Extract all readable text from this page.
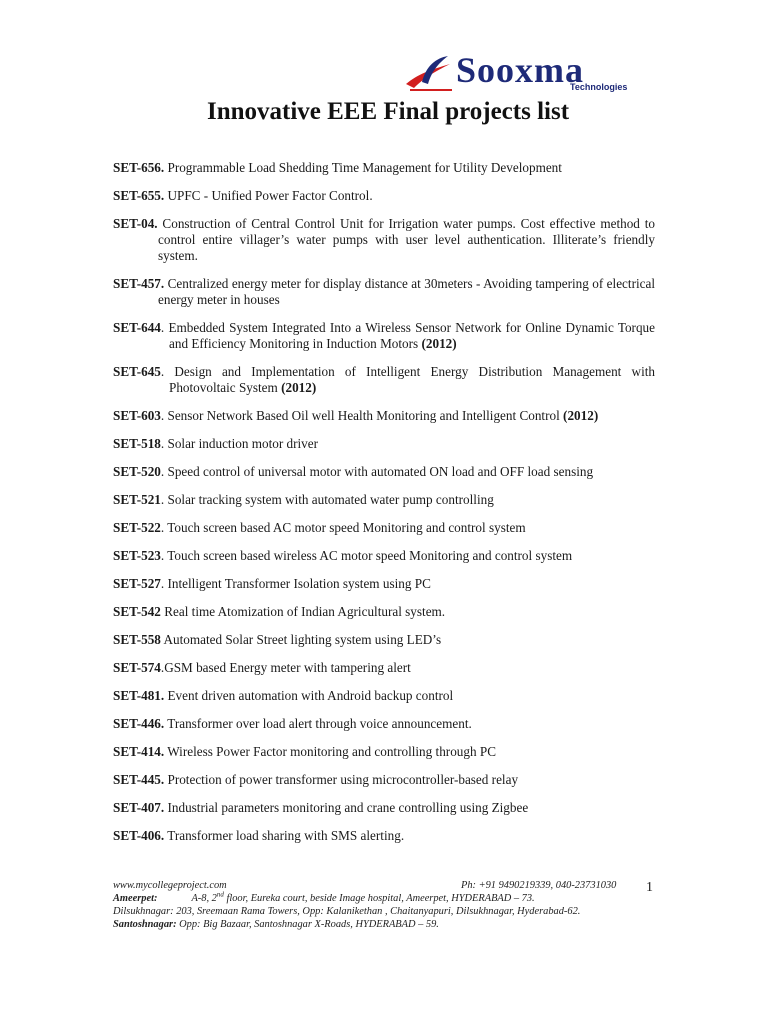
Sooxma
Technologies
Innovative EEE Final projects list
SET-656. Programmable Load Shedding Time Management for Utility Development
SET-655. UPFC - Unified Power Factor Control.
SET-04. Construction of Central Control Unit for Irrigation water pumps. Cost effective method to control entire villager’s water pumps with user level authentication. Illiterate’s friendly system.
SET-457. Centralized energy meter for display distance at 30meters - Avoiding tampering of electrical energy meter in houses
SET-644. Embedded System Integrated Into a Wireless Sensor Network for Online Dynamic Torque and Efficiency Monitoring in Induction Motors (2012)
SET-645. Design and Implementation of Intelligent Energy Distribution Management with Photovoltaic System (2012)
SET-603. Sensor Network Based Oil well Health Monitoring and Intelligent Control (2012)
SET-518. Solar induction motor driver
SET-520. Speed control of universal motor with automated ON load and OFF load sensing
SET-521. Solar tracking system with automated water pump controlling
SET-522. Touch screen based AC motor speed Monitoring and control system
SET-523. Touch screen based wireless AC motor speed Monitoring and control system
SET-527. Intelligent Transformer Isolation system using PC
SET-542 Real time Atomization of Indian Agricultural system.
SET-558 Automated Solar Street lighting system using LED’s
SET-574.GSM based Energy meter with tampering alert
SET-481. Event driven automation with Android backup control
SET-446. Transformer over load alert through voice announcement.
SET-414. Wireless Power Factor monitoring and controlling through PC
SET-445. Protection of power transformer using microcontroller-based relay
SET-407. Industrial parameters monitoring and crane controlling using Zigbee
SET-406. Transformer load sharing with SMS alerting.
www.mycollegeproject.com	Ph: +91 9490219339, 040-23731030
Ameerpet:	A-8, 2nd floor, Eureka court, beside Image hospital, Ameerpet, HYDERABAD – 73.
Dilsukhnagar: 203, Sreemaan Rama Towers, Opp: Kalanikethan , Chaitanyapuri, Dilsukhnagar, Hyderabad-62.
Santoshnagar: Opp: Big Bazaar, Santoshnagar X-Roads, HYDERABAD – 59.
1
